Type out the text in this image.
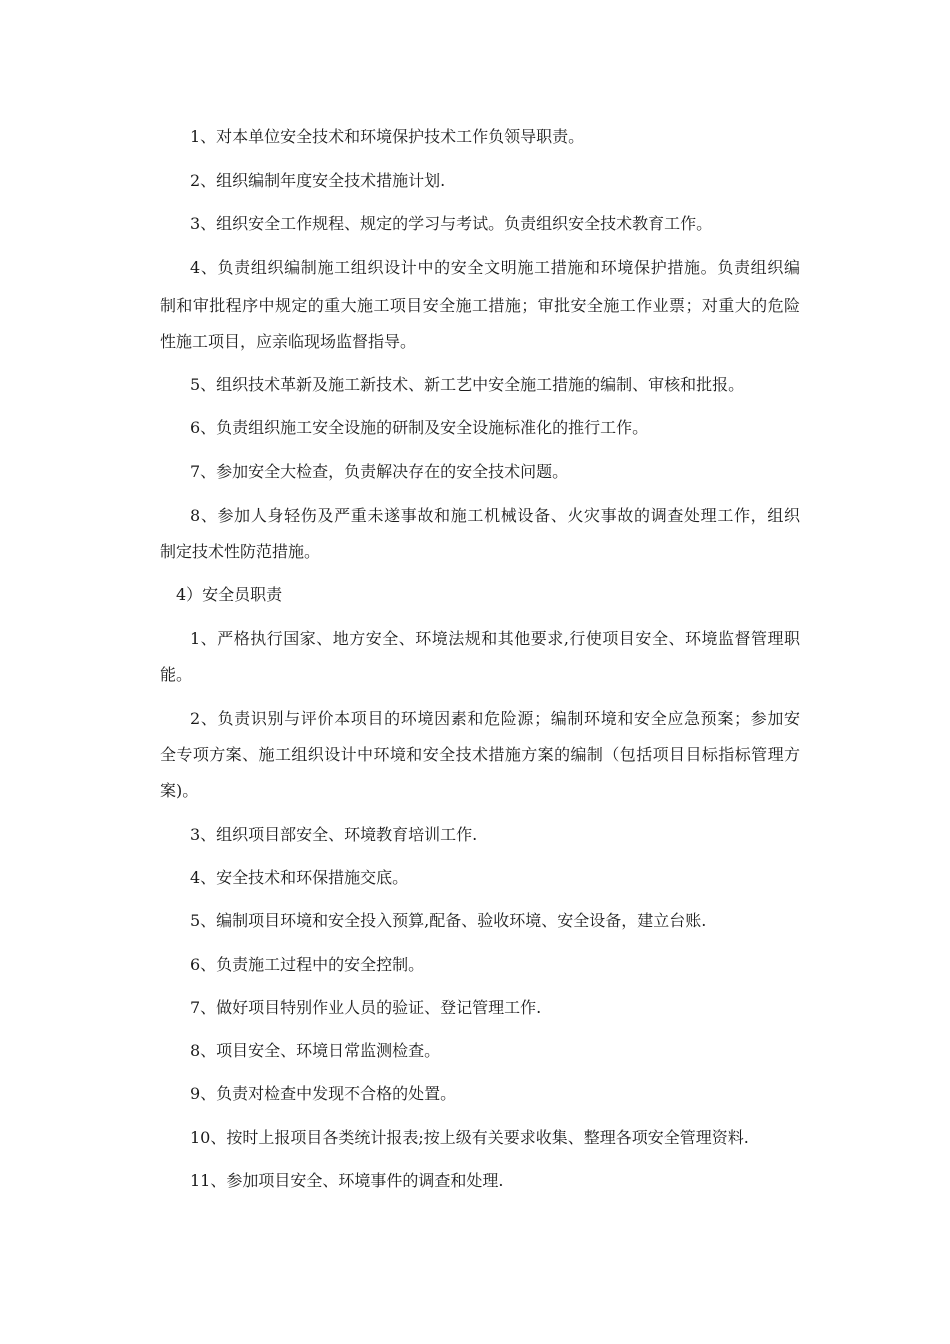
1、对本单位安全技术和环境保护技术工作负领导职责。
2、组织编制年度安全技术措施计划.
3、组织安全工作规程、规定的学习与考试。负责组织安全技术教育工作。
4、负责组织编制施工组织设计中的安全文明施工措施和环境保护措施。负责组织编
制和审批程序中规定的重大施工项目安全施工措施；审批安全施工作业票；对重大的危险
性施工项目，应亲临现场监督指导。
5、组织技术革新及施工新技术、新工艺中安全施工措施的编制、审核和批报。
6、负责组织施工安全设施的研制及安全设施标准化的推行工作。
7、参加安全大检查，负责解决存在的安全技术问题。
8、参加人身轻伤及严重未遂事故和施工机械设备、火灾事故的调查处理工作，组织
制定技术性防范措施。
4）安全员职责
1、严格执行国家、地方安全、环境法规和其他要求,行使项目安全、环境监督管理职
能。
2、负责识别与评价本项目的环境因素和危险源；编制环境和安全应急预案；参加安
全专项方案、施工组织设计中环境和安全技术措施方案的编制（包括项目目标指标管理方
案)。
3、组织项目部安全、环境教育培训工作.
4、安全技术和环保措施交底。
5、编制项目环境和安全投入预算,配备、验收环境、安全设备，建立台账.
6、负责施工过程中的安全控制。
7、做好项目特别作业人员的验证、登记管理工作.
8、项目安全、环境日常监测检查。
9、负责对检查中发现不合格的处置。
10、按时上报项目各类统计报表;按上级有关要求收集、整理各项安全管理资料.
11、参加项目安全、环境事件的调查和处理.
